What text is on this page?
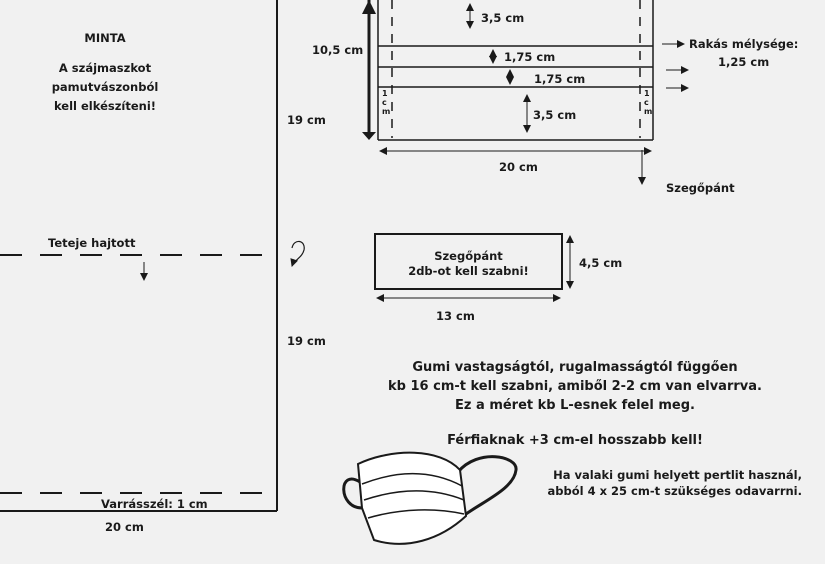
MINTA
A szájmaszkot
pamutvászonból
kell elkészíteni!
Teteje hajtott
19 cm
19 cm
Varrásszél: 1 cm
20 cm
10,5 cm
3,5 cm
1,75 cm
1,75 cm
3,5 cm
1 cm
1 cm
Rakás mélysége:
1,25 cm
20 cm
Szegőpánt
Szegőpánt
2db-ot kell szabni!
4,5 cm
13 cm
Gumi vastagságtól, rugalmasságtól függően
kb 16 cm-t kell szabni, amiből 2-2 cm van elvarrva.
Ez a méret kb L-esnek felel meg.
Férfiaknak +3 cm-el hosszabb kell!
Ha valaki gumi helyett pertlit használ,
abból 4 x 25 cm-t szükséges odavarrni.
